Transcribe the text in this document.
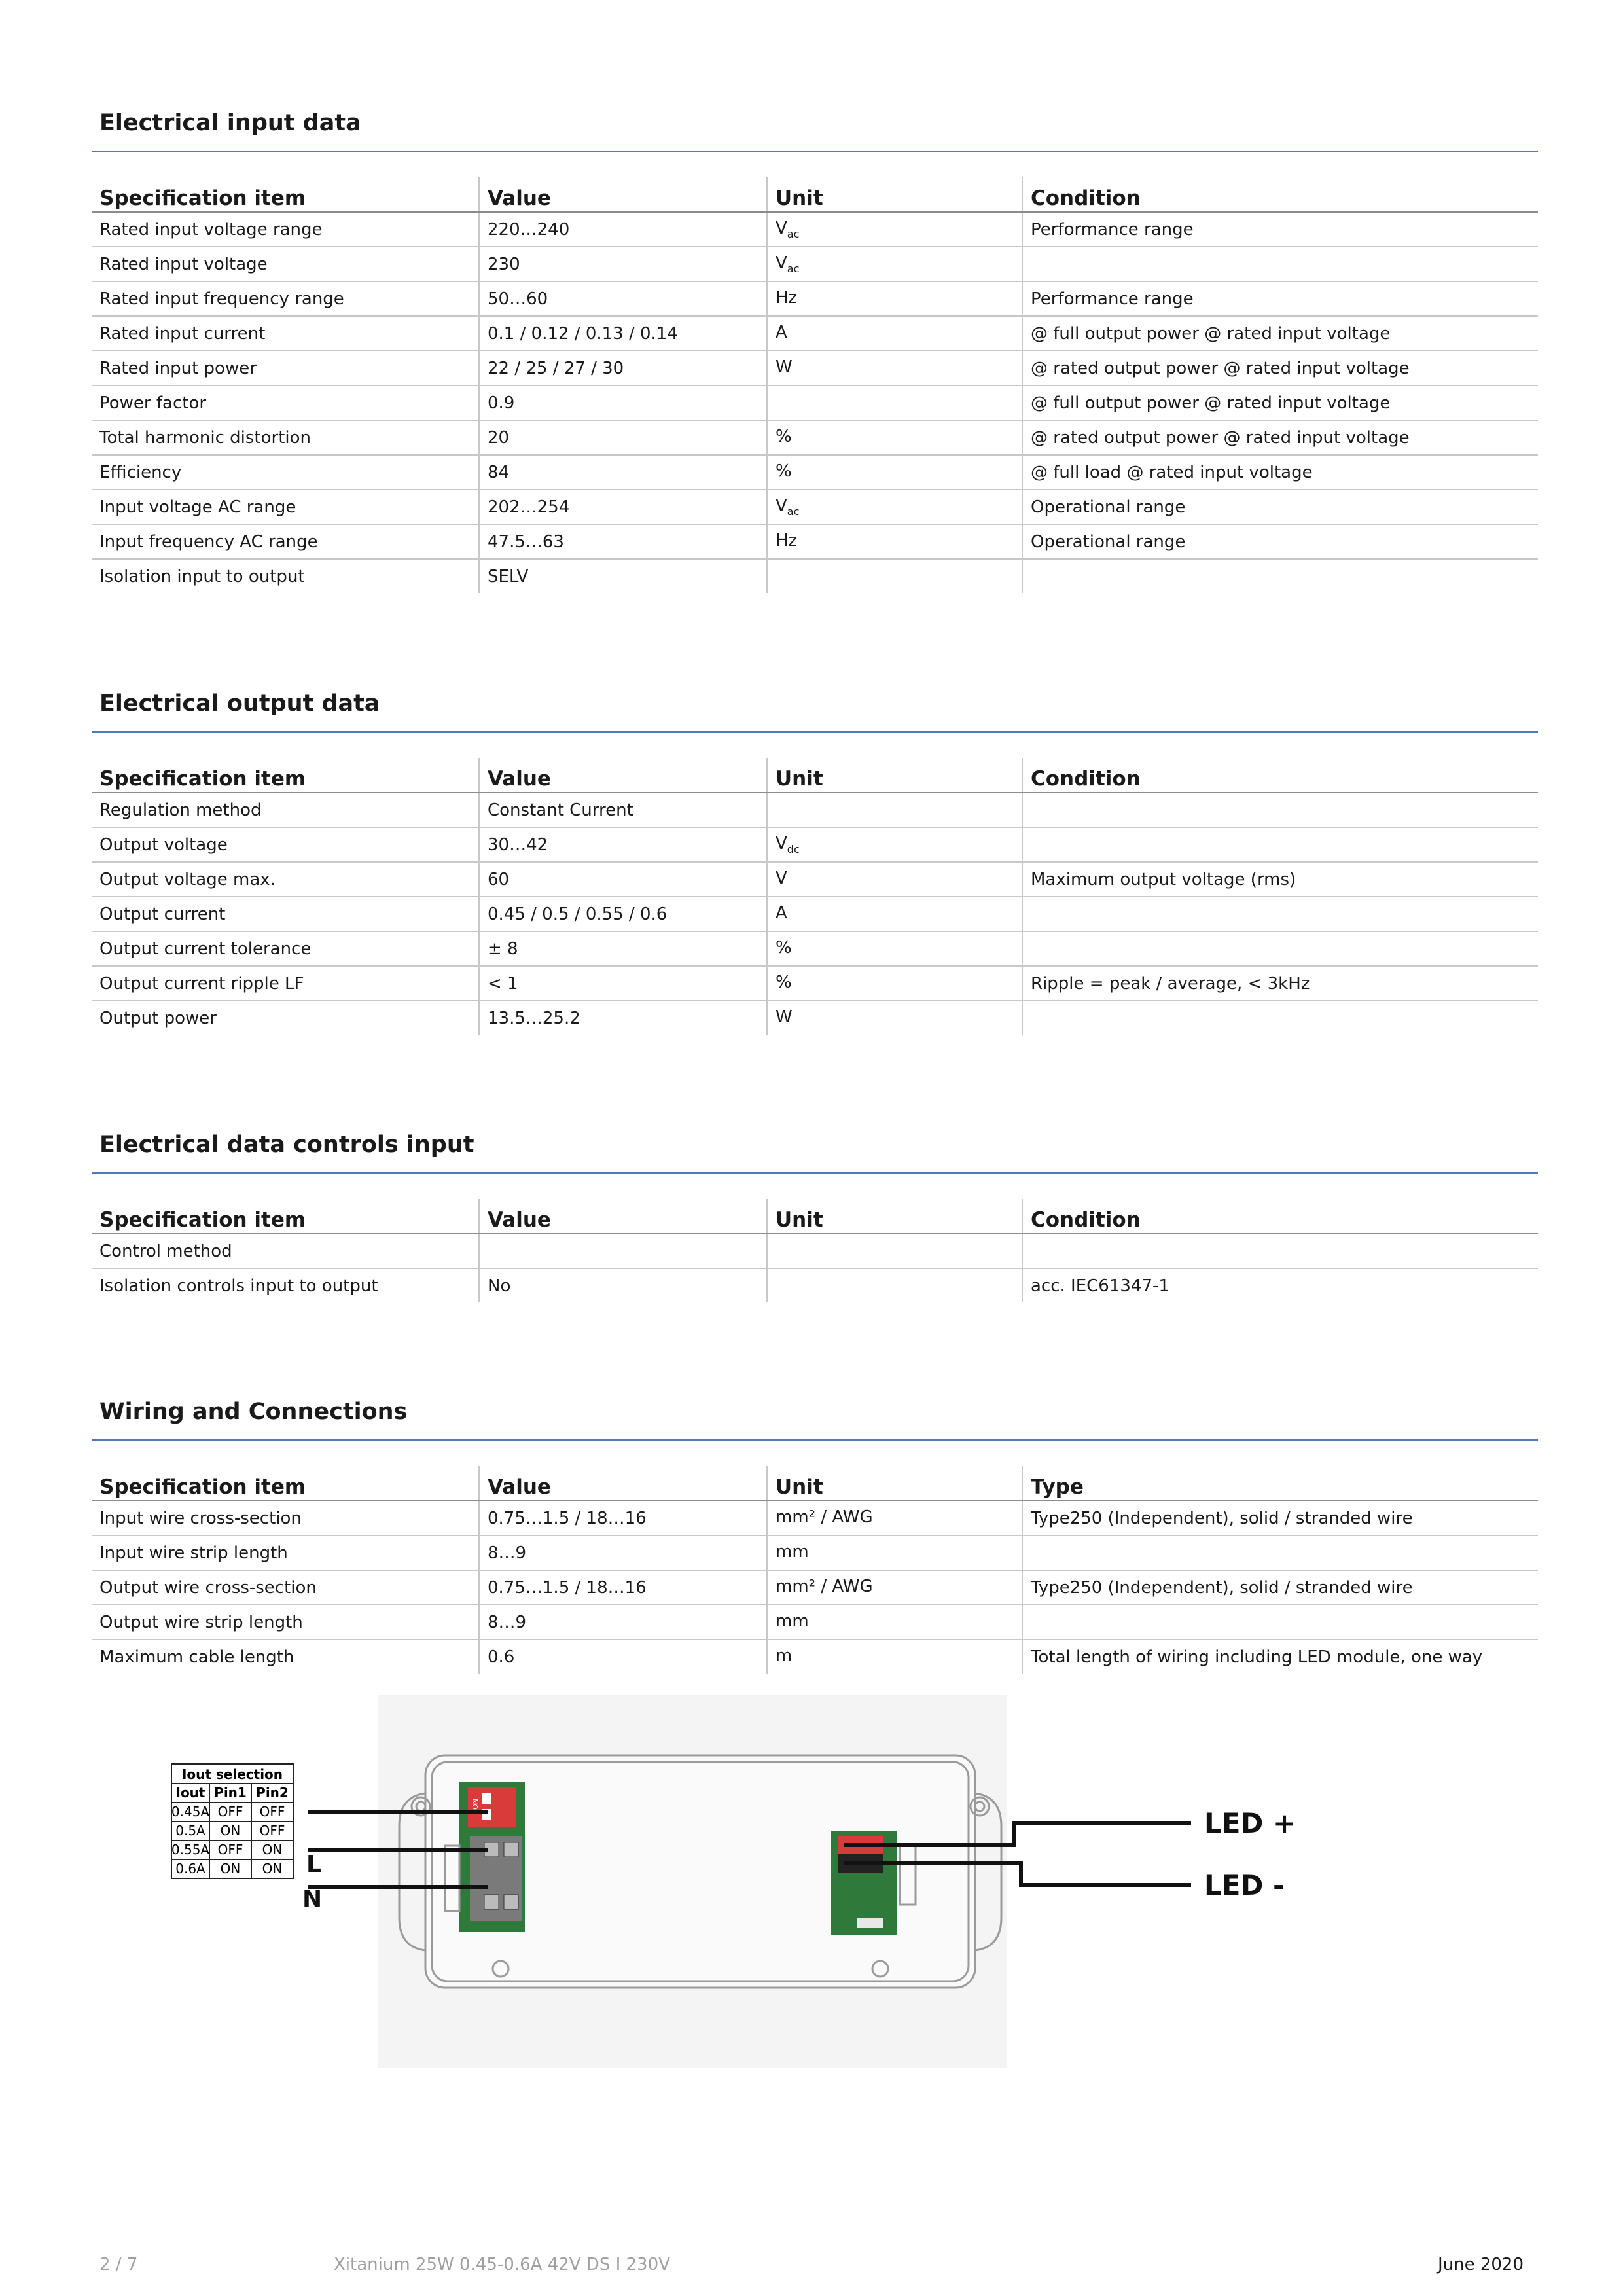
Electrical input data
Specification item	Value	Unit	Condition
Rated input voltage range	220…240	$V_{ac}$	Performance range
Rated input voltage	230	$V_{ac}$	
Rated input frequency range	50…60	Hz	Performance range
Rated input current	0.1 / 0.12 / 0.13 / 0.14	A	@ full output power @ rated input voltage
Rated input power	22 / 25 / 27 / 30	W	@ rated output power @ rated input voltage
Power factor	0.9		@ full output power @ rated input voltage
Total harmonic distortion	20	%	@ rated output power @ rated input voltage
Efficiency	84	%	@ full load @ rated input voltage
Input voltage AC range	202…254	$V_{ac}$	Operational range
Input frequency AC range	47.5…63	Hz	Operational range
Isolation input to output	SELV		
Electrical output data
Specification item	Value	Unit	Condition
Regulation method	Constant Current		
Output voltage	30…42	$V_{dc}$	
Output voltage max.	60	V	Maximum output voltage (rms)
Output current	0.45 / 0.5 / 0.55 / 0.6	A	
Output current tolerance	± 8	%	
Output current ripple LF	< 1	%	Ripple = peak / average, < 3kHz
Output power	13.5…25.2	W	
Electrical data controls input
Specification item	Value	Unit	Condition
Control method			
Isolation controls input to output	No		acc. IEC61347-1
Wiring and Connections
Specification item	Value	Unit	Type
Input wire cross-section	0.75…1.5 / 18…16	mm² / AWG	Type250 (Independent), solid / stranded wire
Input wire strip length	8…9	mm	
Output wire cross-section	0.75…1.5 / 18…16	mm² / AWG	Type250 (Independent), solid / stranded wire
Output wire strip length	8…9	mm	
Maximum cable length	0.6	m	Total length of wiring including LED module, one way
Iout selection
Iout Pin1 Pin2
0.45A OFF OFF
0.5A ON OFF
0.55A OFF ON
0.6A ON ON
ON
L
N
LED +
LED -
2 / 7	Xitanium 25W 0.45-0.6A 42V DS I 230V	June 2020
